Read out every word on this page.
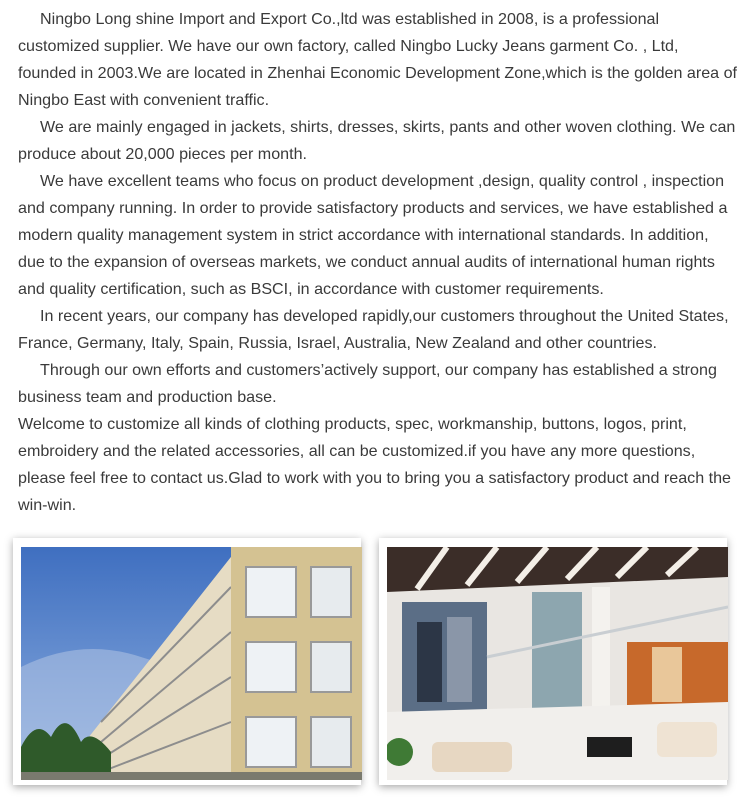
Ningbo Long shine Import and Export Co.,ltd was established in 2008, is a professional customized supplier. We have our own factory, called Ningbo Lucky Jeans garment Co. , Ltd, founded in 2003.We are located in Zhenhai Economic Development Zone,which is the golden area of Ningbo East with convenient traffic.

We are mainly engaged in jackets, shirts, dresses, skirts, pants and other woven clothing. We can produce about 20,000 pieces per month.

We have excellent teams who focus on product development ,design, quality control , inspection and company running. In order to provide satisfactory products and services, we have established a modern quality management system in strict accordance with international standards. In addition, due to the expansion of overseas markets, we conduct annual audits of international human rights and quality certification, such as BSCI, in accordance with customer requirements.

In recent years, our company has developed rapidly,our customers throughout the United States, France, Germany, Italy, Spain, Russia, Israel, Australia, New Zealand and other countries.

Through our own efforts and customers’actively support, our company has established a strong business team and production base.

Welcome to customize all kinds of clothing products, spec, workmanship, buttons, logos, print, embroidery and the related accessories, all can be customized.if you have any more questions, please feel free to contact us.Glad to work with you to bring you a satisfactory product and reach the win-win.
